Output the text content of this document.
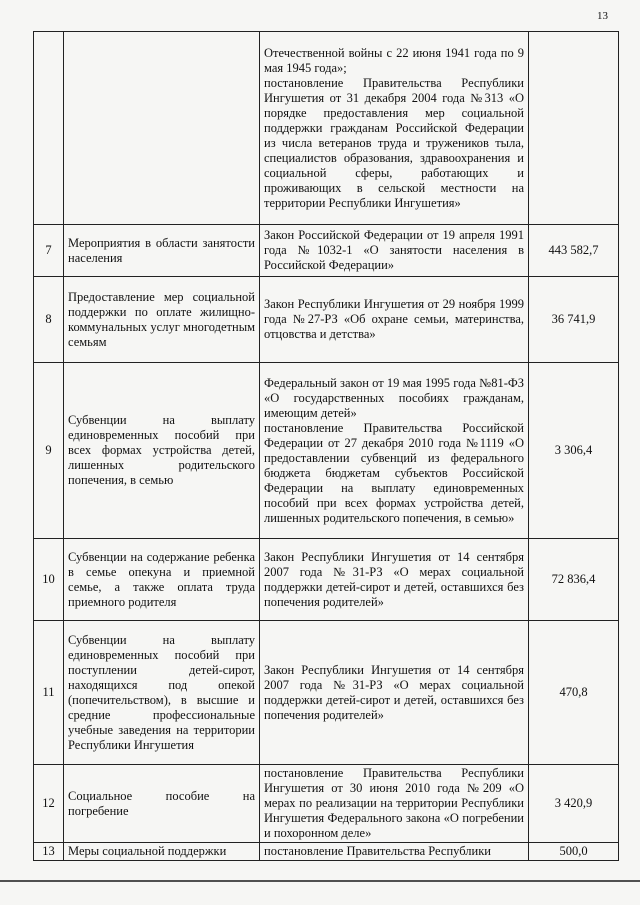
13
		Отечественной войны с 22 июня 1941 года по 9 мая 1945 года»;
постановление Правительства Республики Ингушетия от 31 декабря 2004 года №313 «О порядке предоставления мер социальной поддержки гражданам Российской Федерации из числа ветеранов труда и тружеников тыла, специалистов образования, здравоохранения и социальной сферы, работающих и проживающих в сельской местности на территории Республики Ингушетия»	
7	Мероприятия в области занятости населения	Закон Российской Федерации от 19 апреля 1991 года №1032-1 «О занятости населения в Российской Федерации»	443 582,7
8	Предоставление мер социальной поддержки по оплате жилищно-коммунальных услуг многодетным семьям	Закон Республики Ингушетия от 29 ноября 1999 года №27-РЗ «Об охране семьи, материнства, отцовства и детства»	36 741,9
9	Субвенции на выплату единовременных пособий при всех формах устройства детей, лишенных родительского попечения, в семью	Федеральный закон от 19 мая 1995 года №81-ФЗ «О государственных пособиях гражданам, имеющим детей»
постановление Правительства Российской Федерации от 27 декабря 2010 года №1119 «О предоставлении субвенций из федерального бюджета бюджетам субъектов Российской Федерации на выплату единовременных пособий при всех формах устройства детей, лишенных родительского попечения, в семью»	3 306,4
10	Субвенции на содержание ребенка в семье опекуна и приемной семье, а также оплата труда приемного родителя	Закон Республики Ингушетия от 14 сентября 2007 года №31-РЗ «О мерах социальной поддержки детей-сирот и детей, оставшихся без попечения родителей»	72 836,4
11	Субвенции на выплату единовременных пособий при поступлении детей-сирот, находящихся под опекой (попечительством), в высшие и средние профессиональные учебные заведения на территории Республики Ингушетия	Закон Республики Ингушетия от 14 сентября 2007 года №31-РЗ «О мерах социальной поддержки детей-сирот и детей, оставшихся без попечения родителей»	470,8
12	Социальное пособие на погребение	постановление Правительства Республики Ингушетия от 30 июня 2010 года №209 «О мерах по реализации на территории Республики Ингушетия Федерального закона «О погребении и похоронном деле»	3 420,9
13	Меры социальной поддержки	постановление Правительства Республики	500,0
